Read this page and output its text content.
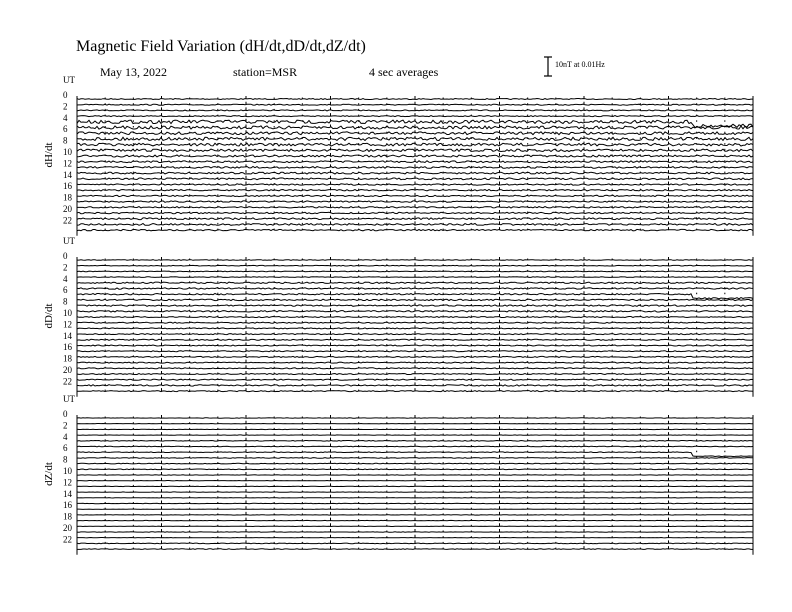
Magnetic Field Variation (dH/dt,dD/dt,dZ/dt)
May 13, 2022	station=MSR	4 sec averages
10nT at 0.01Hz
UT
dH/dt
0
2
4
6
8
10
12
14
16
18
20
22
UT
dD/dt
0
2
4
6
8
10
12
14
16
18
20
22
UT
dZ/dt
0
2
4
6
8
10
12
14
16
18
20
22
